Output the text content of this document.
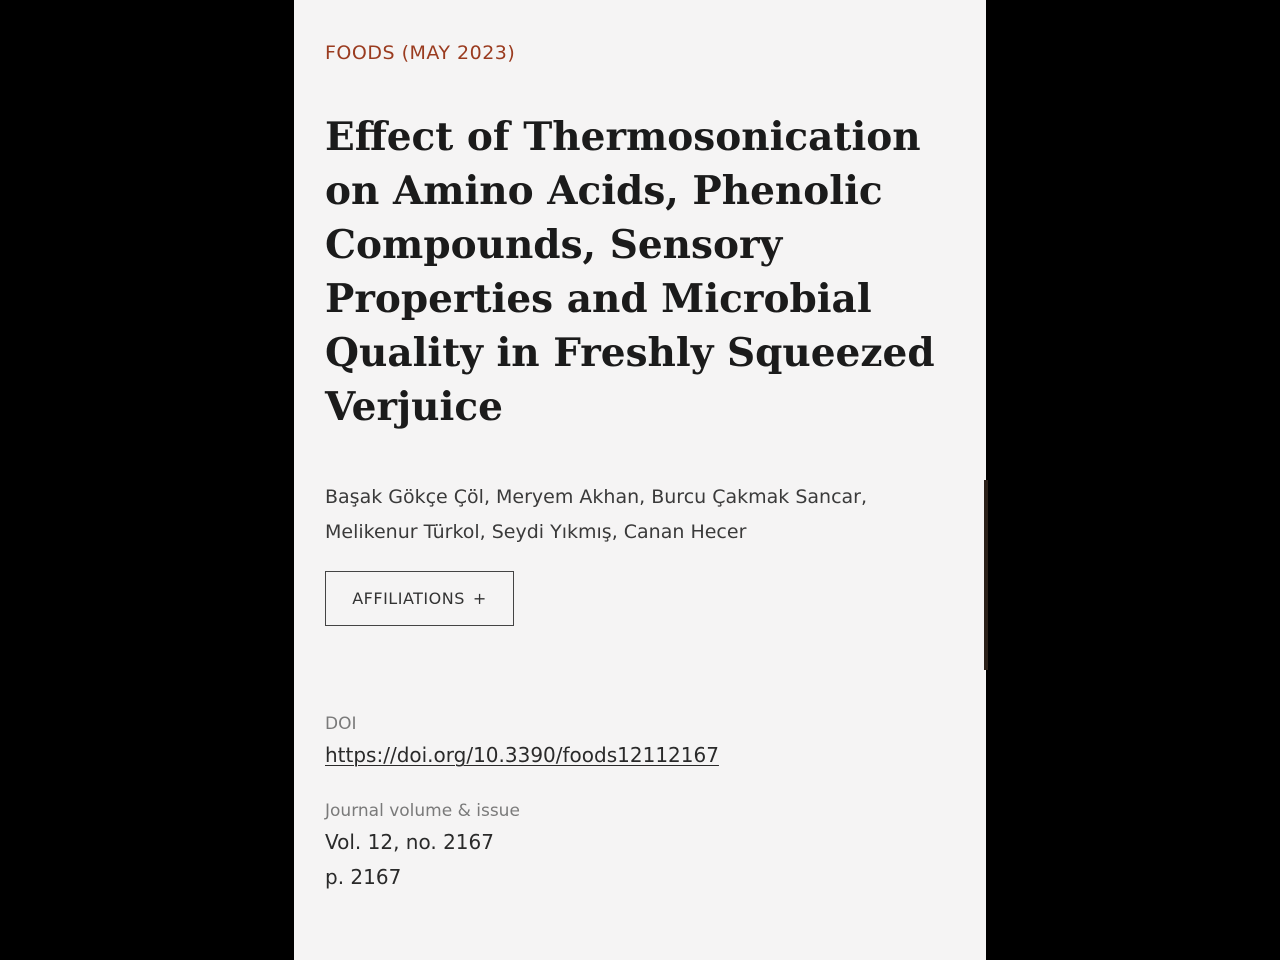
FOODS (MAY 2023)
Effect of Thermosonication on Amino Acids, Phenolic Compounds, Sensory Properties and Microbial Quality in Freshly Squeezed Verjuice
Başak Gökçe Çöl, Meryem Akhan, Burcu Çakmak Sancar,
Melikenur Türkol, Seydi Yıkmış, Canan Hecer
AFFILIATIONS +
DOI
https://doi.org/10.3390/foods12112167
Journal volume & issue
Vol. 12, no. 2167
p. 2167
